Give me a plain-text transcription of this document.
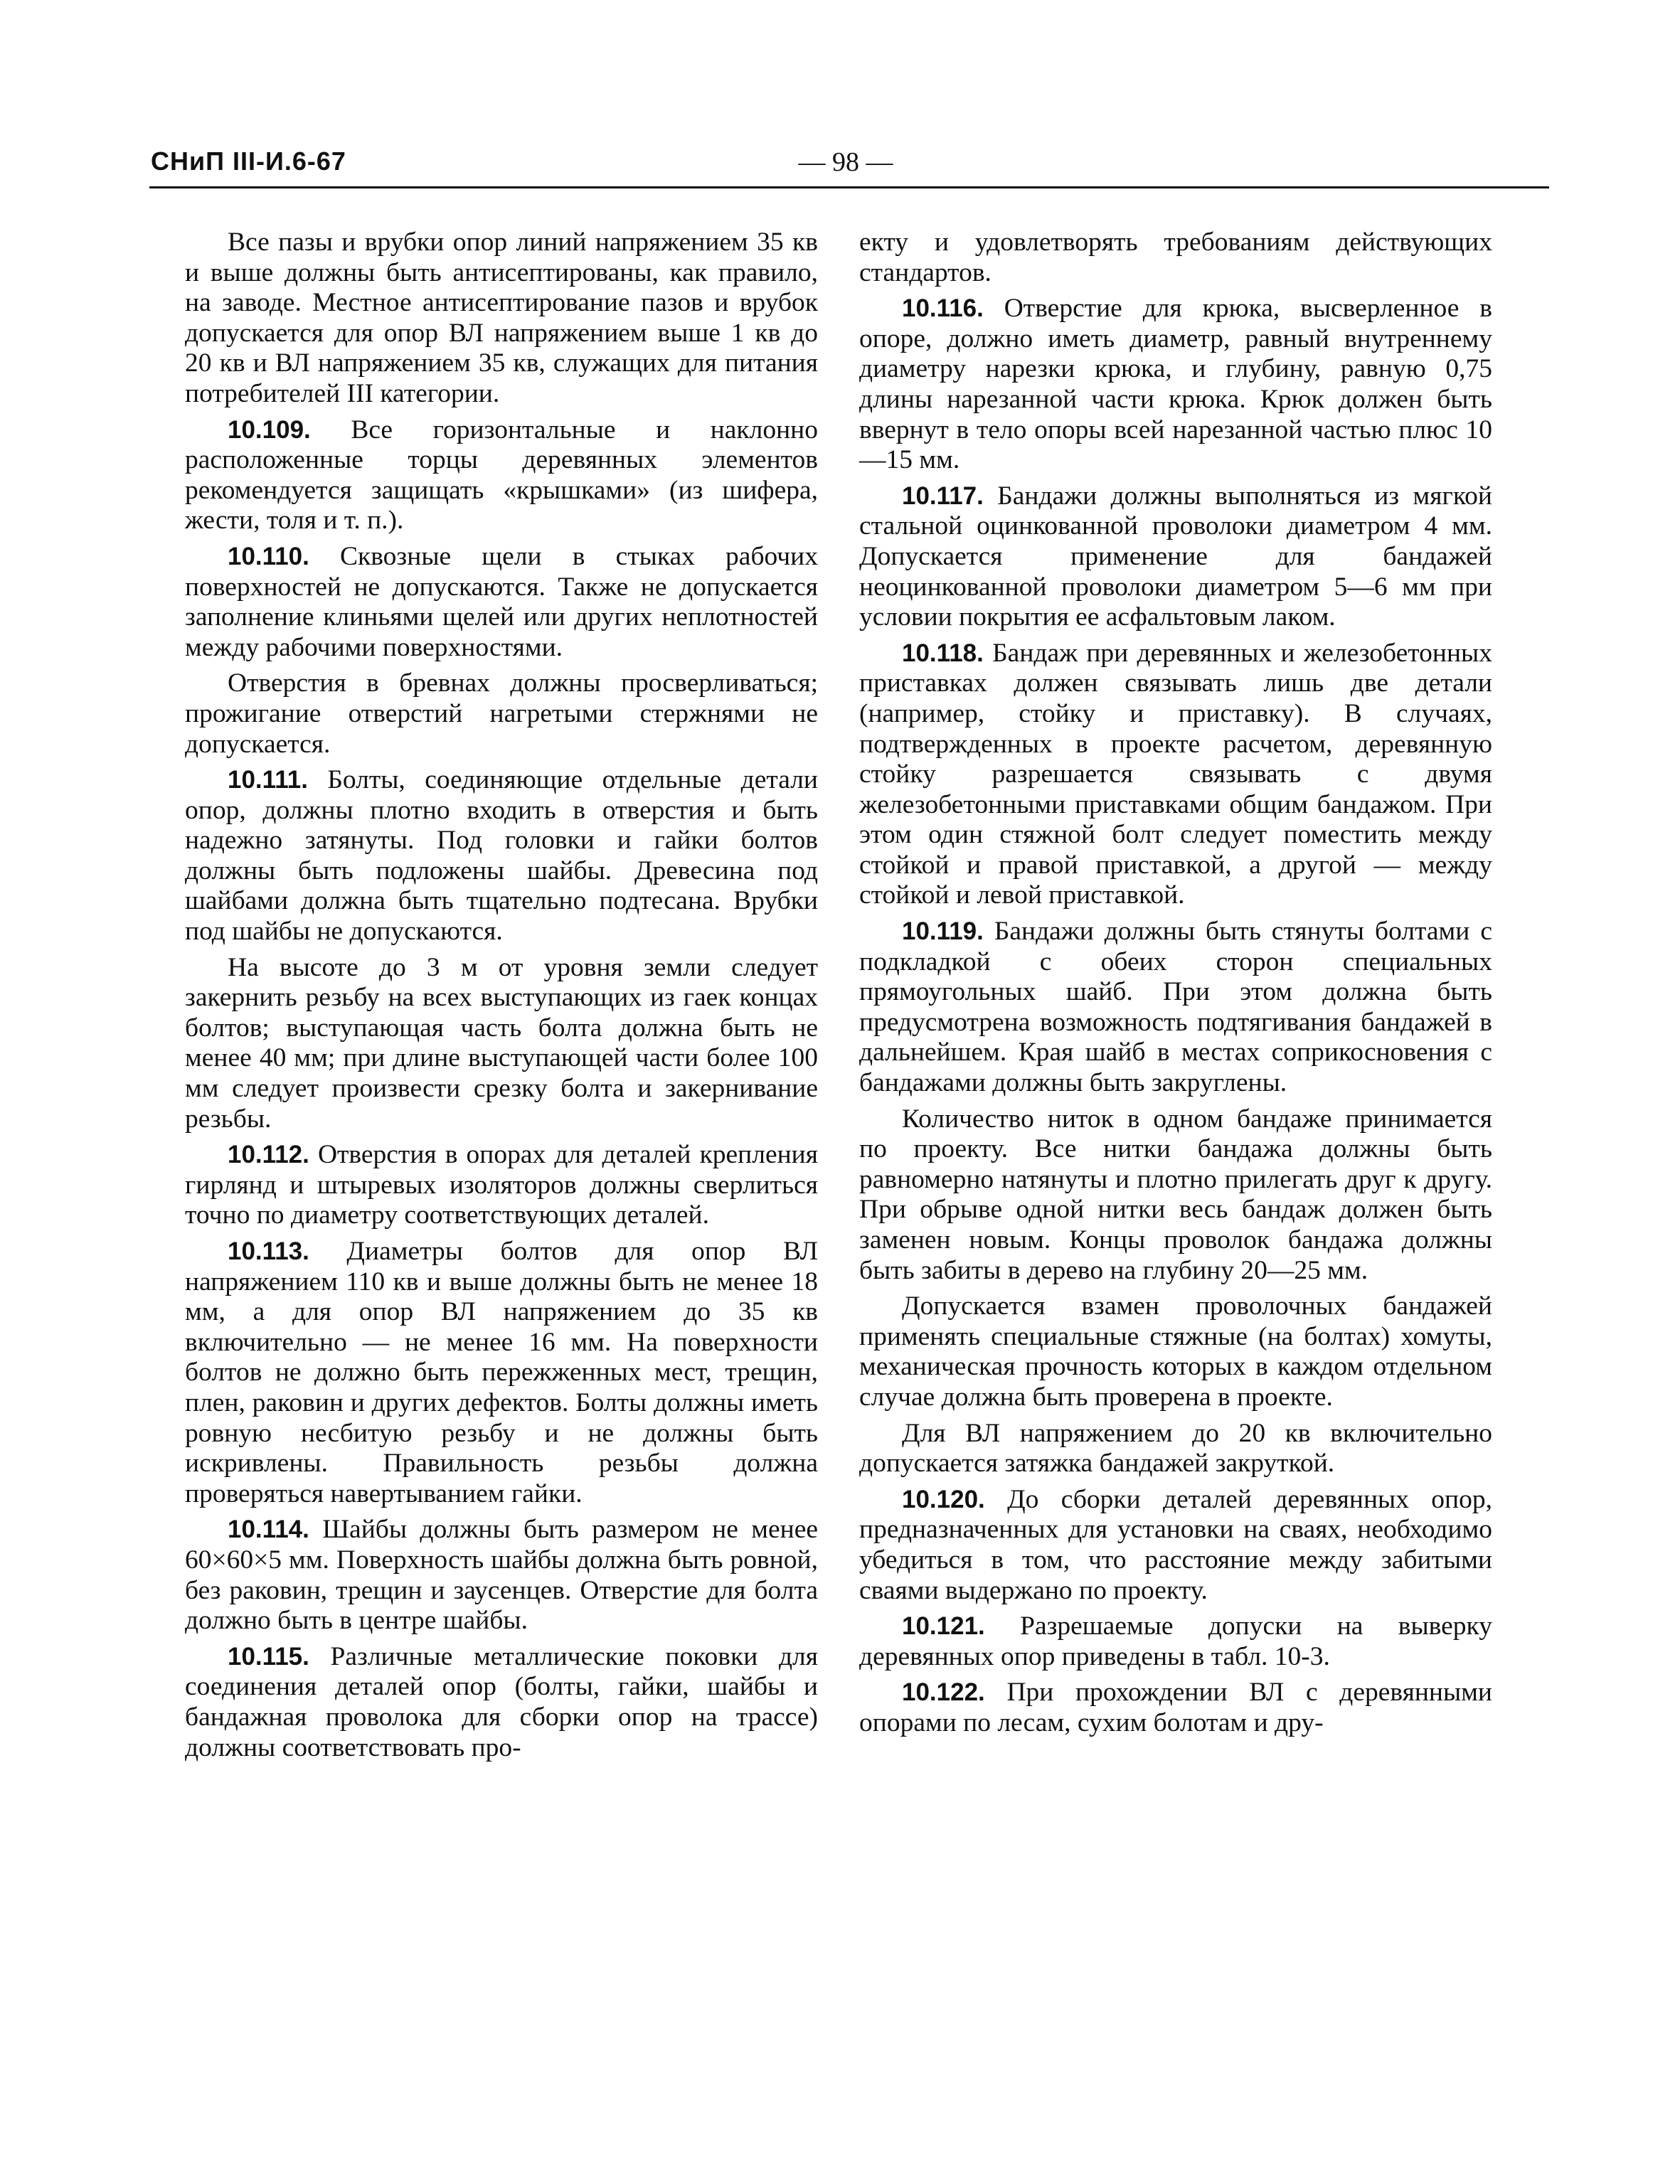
СНиП III-И.6-67	— 98 —

Все пазы и врубки опор линий напряжением 35 кв и выше должны быть антисептированы, как правило, на заводе. Местное антисептирование пазов и врубок допускается для опор ВЛ напряжением выше 1 кв до 20 кв и ВЛ напряжением 35 кв, служащих для питания потребителей III категории.

10.109. Все горизонтальные и наклонно расположенные торцы деревянных элементов рекомендуется защищать «крышками» (из шифера, жести, толя и т. п.).

10.110. Сквозные щели в стыках рабочих поверхностей не допускаются. Также не допускается заполнение клиньями щелей или других неплотностей между рабочими поверхностями.

Отверстия в бревнах должны просверливаться; прожигание отверстий нагретыми стержнями не допускается.

10.111. Болты, соединяющие отдельные детали опор, должны плотно входить в отверстия и быть надежно затянуты. Под головки и гайки болтов должны быть подложены шайбы. Древесина под шайбами должна быть тщательно подтесана. Врубки под шайбы не допускаются.

На высоте до 3 м от уровня земли следует закернить резьбу на всех выступающих из гаек концах болтов; выступающая часть болта должна быть не менее 40 мм; при длине выступающей части более 100 мм следует произвести срезку болта и закернивание резьбы.

10.112. Отверстия в опорах для деталей крепления гирлянд и штыревых изоляторов должны сверлиться точно по диаметру соответствующих деталей.

10.113. Диаметры болтов для опор ВЛ напряжением 110 кв и выше должны быть не менее 18 мм, а для опор ВЛ напряжением до 35 кв включительно — не менее 16 мм. На поверхности болтов не должно быть пережженных мест, трещин, плен, раковин и других дефектов. Болты должны иметь ровную несбитую резьбу и не должны быть искривлены. Правильность резьбы должна проверяться навертыванием гайки.

10.114. Шайбы должны быть размером не менее 60×60×5 мм. Поверхность шайбы должна быть ровной, без раковин, трещин и заусенцев. Отверстие для болта должно быть в центре шайбы.

10.115. Различные металлические поковки для соединения деталей опор (болты, гайки, шайбы и бандажная проволока для сборки опор на трассе) должны соответствовать про-

екту и удовлетворять требованиям действующих стандартов.

10.116. Отверстие для крюка, высверленное в опоре, должно иметь диаметр, равный внутреннему диаметру нарезки крюка, и глубину, равную 0,75 длины нарезанной части крюка. Крюк должен быть ввернут в тело опоры всей нарезанной частью плюс 10—15 мм.

10.117. Бандажи должны выполняться из мягкой стальной оцинкованной проволоки диаметром 4 мм. Допускается применение для бандажей неоцинкованной проволоки диаметром 5—6 мм при условии покрытия ее асфальтовым лаком.

10.118. Бандаж при деревянных и железобетонных приставках должен связывать лишь две детали (например, стойку и приставку). В случаях, подтвержденных в проекте расчетом, деревянную стойку разрешается связывать с двумя железобетонными приставками общим бандажом. При этом один стяжной болт следует поместить между стойкой и правой приставкой, а другой — между стойкой и левой приставкой.

10.119. Бандажи должны быть стянуты болтами с подкладкой с обеих сторон специальных прямоугольных шайб. При этом должна быть предусмотрена возможность подтягивания бандажей в дальнейшем. Края шайб в местах соприкосновения с бандажами должны быть закруглены.

Количество ниток в одном бандаже принимается по проекту. Все нитки бандажа должны быть равномерно натянуты и плотно прилегать друг к другу. При обрыве одной нитки весь бандаж должен быть заменен новым. Концы проволок бандажа должны быть забиты в дерево на глубину 20—25 мм.

Допускается взамен проволочных бандажей применять специальные стяжные (на болтах) хомуты, механическая прочность которых в каждом отдельном случае должна быть проверена в проекте.

Для ВЛ напряжением до 20 кв включительно допускается затяжка бандажей закруткой.

10.120. До сборки деталей деревянных опор, предназначенных для установки на сваях, необходимо убедиться в том, что расстояние между забитыми сваями выдержано по проекту.

10.121. Разрешаемые допуски на выверку деревянных опор приведены в табл. 10-3.

10.122. При прохождении ВЛ с деревянными опорами по лесам, сухим болотам и дру-
